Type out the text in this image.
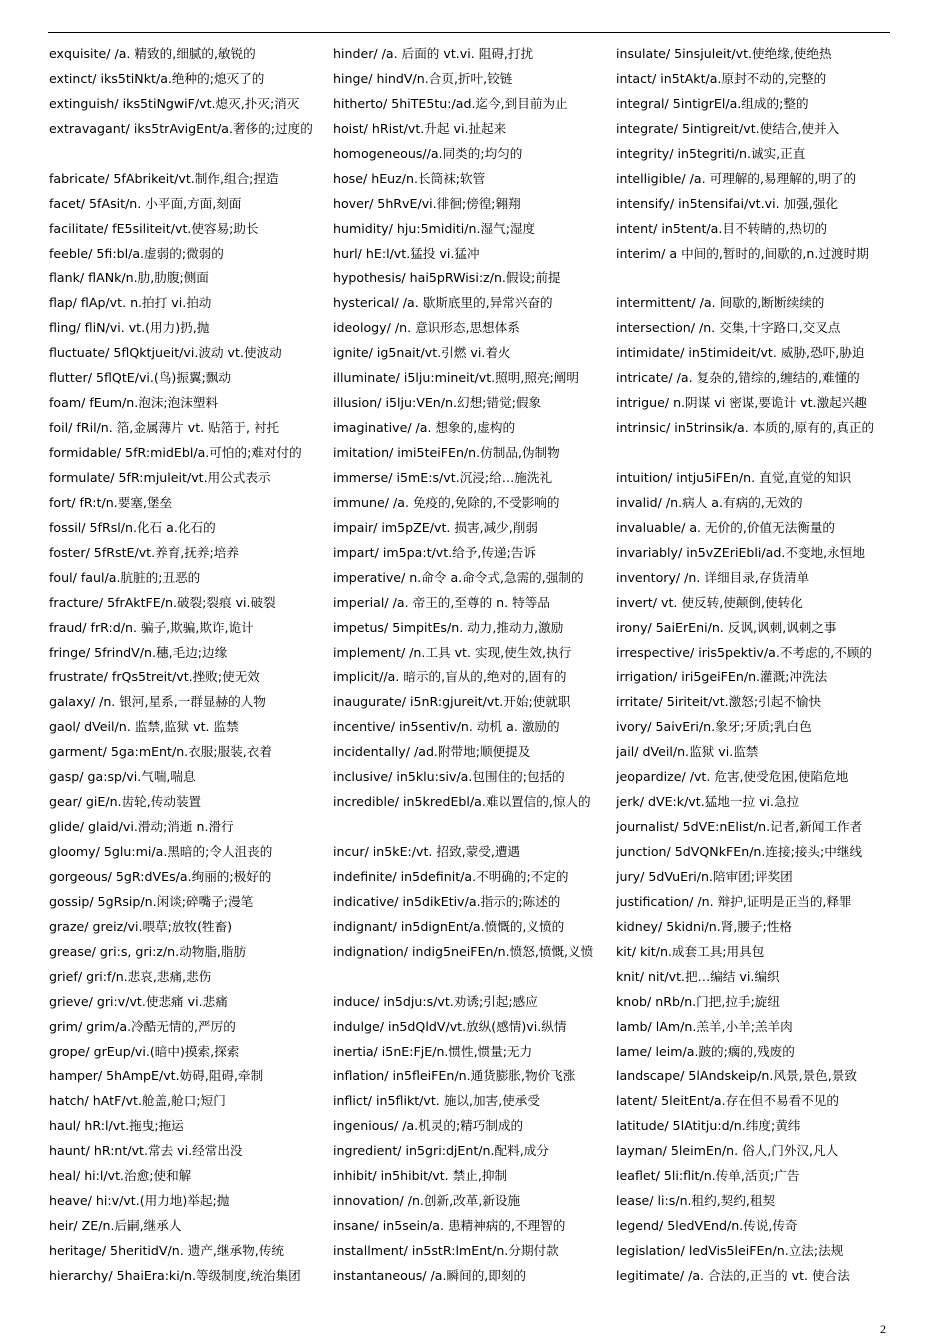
exquisite/ /a. 精致的,细腻的,敏锐的
extinct/ iks5tiNkt/a.绝种的;熄灭了的
extinguish/ iks5tiNgwiF/vt.熄灭,扑灭;消灭
extravagant/ iks5trAvigEnt/a.奢侈的;过度的
fabricate/ 5fAbrikeit/vt.制作,组合;捏造
facet/ 5fAsit/n. 小平面,方面,刻面
facilitate/ fE5siliteit/vt.使容易;助长
feeble/ 5fi:bl/a.虚弱的;微弱的
flank/ flANk/n.肋,肋腹;侧面
flap/ flAp/vt. n.拍打 vi.拍动
fling/ fliN/vi. vt.(用力)扔,抛
fluctuate/ 5flQktjueit/vi.波动 vt.使波动
flutter/ 5flQtE/vi.(鸟)振翼;飘动
foam/ fEum/n.泡沫;泡沫塑料
foil/ fRil/n. 箔,金属薄片 vt. 贴箔于, 衬托
formidable/ 5fR:midEbl/a.可怕的;难对付的
formulate/ 5fR:mjuleit/vt.用公式表示
fort/ fR:t/n.要塞,堡垒
fossil/ 5fRsl/n.化石 a.化石的
foster/ 5fRstE/vt.养育,抚养;培养
foul/ faul/a.肮脏的;丑恶的
fracture/ 5frAktFE/n.破裂;裂痕 vi.破裂
fraud/ frR:d/n. 骗子,欺骗,欺诈,诡计
fringe/ 5frindV/n.穗,毛边;边缘
frustrate/ frQs5treit/vt.挫败;使无效
galaxy/ /n. 银河,星系,一群显赫的人物
gaol/ dVeil/n. 监禁,监狱 vt. 监禁
garment/ 5ga:mEnt/n.衣服;服装,衣着
gasp/ ga:sp/vi.气喘,喘息
gear/ giE/n.齿轮,传动装置
glide/ glaid/vi.滑动;消逝 n.滑行
gloomy/ 5glu:mi/a.黑暗的;令人沮丧的
gorgeous/ 5gR:dVEs/a.绚丽的;极好的
gossip/ 5gRsip/n.闲谈;碎嘴子;漫笔
graze/ greiz/vi.喂草;放牧(牲畜)
grease/ gri:s, gri:z/n.动物脂,脂肪
grief/ gri:f/n.悲哀,悲痛,悲伤
grieve/ gri:v/vt.使悲痛 vi.悲痛
grim/ grim/a.冷酷无情的,严厉的
grope/ grEup/vi.(暗中)摸索,探索
hamper/ 5hAmpE/vt.妨碍,阻碍,牵制
hatch/ hAtF/vt.舱盖,舱口;短门
haul/ hR:l/vt.拖曳;拖运
haunt/ hR:nt/vt.常去 vi.经常出没
heal/ hi:l/vt.治愈;使和解
heave/ hi:v/vt.(用力地)举起;抛
heir/ ZE/n.后嗣,继承人
heritage/ 5heritidV/n. 遗产,继承物,传统
hierarchy/ 5haiEra:ki/n.等级制度,统治集团
hinder/ /a. 后面的 vt.vi. 阻碍,打扰
hinge/ hindV/n.合页,折叶,铰链
hitherto/ 5hiTE5tu:/ad.迄今,到目前为止
hoist/ hRist/vt.升起 vi.扯起来
homogeneous//a.同类的;均匀的
hose/ hEuz/n.长筒袜;软管
hover/ 5hRvE/vi.徘徊;傍徨;翱翔
humidity/ hju:5miditi/n.湿气;湿度
hurl/ hE:l/vt.猛投 vi.猛冲
hypothesis/ hai5pRWisi:z/n.假设;前提
hysterical/ /a. 歇斯底里的,异常兴奋的
ideology/ /n. 意识形态,思想体系
ignite/ ig5nait/vt.引燃 vi.着火
illuminate/ i5lju:mineit/vt.照明,照亮;阐明
illusion/ i5lju:VEn/n.幻想;错觉;假象
imaginative/ /a. 想象的,虚构的
imitation/ imi5teiFEn/n.仿制品,伪制物
immerse/ i5mE:s/vt.沉浸;给…施洗礼
immune/ /a. 免疫的,免除的,不受影响的
impair/ im5pZE/vt. 损害,减少,削弱
impart/ im5pa:t/vt.给予,传递;告诉
imperative/ n.命令 a.命令式,急需的,强制的
imperial/ /a. 帝王的,至尊的 n. 特等品
impetus/ 5impitEs/n. 动力,推动力,激励
implement/ /n.工具 vt. 实现,使生效,执行
implicit//a. 暗示的,盲从的,绝对的,固有的
inaugurate/ i5nR:gjureit/vt.开始;使就职
incentive/ in5sentiv/n. 动机 a. 激励的
incidentally/ /ad.附带地;顺便提及
inclusive/ in5klu:siv/a.包围住的;包括的
incredible/ in5kredEbl/a.难以置信的,惊人的
incur/ in5kE:/vt. 招致,蒙受,遭遇
indefinite/ in5definit/a.不明确的;不定的
indicative/ in5dikEtiv/a.指示的;陈述的
indignant/ in5dignEnt/a.愤慨的,义愤的
indignation/ indig5neiFEn/n.愤怒,愤慨,义愤
induce/ in5dju:s/vt.劝诱;引起;感应
indulge/ in5dQldV/vt.放纵(感情)vi.纵情
inertia/ i5nE:FjE/n.惯性,惯量;无力
inflation/ in5fleiFEn/n.通货膨胀,物价飞涨
inflict/ in5flikt/vt. 施以,加害,使承受
ingenious/ /a.机灵的;精巧制成的
ingredient/ in5gri:djEnt/n.配料,成分
inhibit/ in5hibit/vt. 禁止,抑制
innovation/ /n.创新,改革,新设施
insane/ in5sein/a. 患精神病的,不理智的
installment/ in5stR:lmEnt/n.分期付款
instantaneous/ /a.瞬间的,即刻的
insulate/ 5insjuleit/vt.使绝缘,使绝热
intact/ in5tAkt/a.原封不动的,完整的
integral/ 5intigrEl/a.组成的;整的
integrate/ 5intigreit/vt.使结合,使并入
integrity/ in5tegriti/n.诚实,正直
intelligible/ /a. 可理解的,易理解的,明了的
intensify/ in5tensifai/vt.vi. 加强,强化
intent/ in5tent/a.目不转睛的,热切的
interim/ a 中间的,暂时的,间歇的,n.过渡时期
intermittent/ /a. 间歇的,断断续续的
intersection/ /n. 交集,十字路口,交叉点
intimidate/ in5timideit/vt. 威胁,恐吓,胁迫
intricate/ /a. 复杂的,错综的,缠结的,难懂的
intrigue/ n.阴谋 vi 密谋,要诡计 vt.激起兴趣
intrinsic/ in5trinsik/a. 本质的,原有的,真正的
intuition/ intju5iFEn/n. 直觉,直觉的知识
invalid/ /n.病人 a.有病的,无效的
invaluable/ a. 无价的,价值无法衡量的
invariably/ in5vZEriEbli/ad.不变地,永恒地
inventory/ /n. 详细目录,存货清单
invert/ vt. 使反转,使颠倒,使转化
irony/ 5aiErEni/n. 反讽,讽刺,讽刺之事
irrespective/ iris5pektiv/a.不考虑的,不顾的
irrigation/ iri5geiFEn/n.灌溉;冲洗法
irritate/ 5iriteit/vt.激怒;引起不愉快
ivory/ 5aivEri/n.象牙;牙质;乳白色
jail/ dVeil/n.监狱 vi.监禁
jeopardize/ /vt. 危害,使受危困,使陷危地
jerk/ dVE:k/vt.猛地一拉 vi.急拉
journalist/ 5dVE:nElist/n.记者,新闻工作者
junction/ 5dVQNkFEn/n.连接;接头;中继线
jury/ 5dVuEri/n.陪审团;评奖团
justification/ /n. 辩护,证明是正当的,释罪
kidney/ 5kidni/n.肾,腰子;性格
kit/ kit/n.成套工具;用具包
knit/ nit/vt.把…编结 vi.编织
knob/ nRb/n.门把,拉手;旋纽
lamb/ lAm/n.羔羊,小羊;羔羊肉
lame/ leim/a.跛的;瘸的,残废的
landscape/ 5lAndskeip/n.风景,景色,景致
latent/ 5leitEnt/a.存在但不易看不见的
latitude/ 5lAtitju:d/n.纬度;黄纬
layman/ 5leimEn/n. 俗人,门外汉,凡人
leaflet/ 5li:flit/n.传单,活页;广告
lease/ li:s/n.租约,契约,租契
legend/ 5ledVEnd/n.传说,传奇
legislation/ ledVis5leiFEn/n.立法;法规
legitimate/ /a. 合法的,正当的 vt. 使合法
2
